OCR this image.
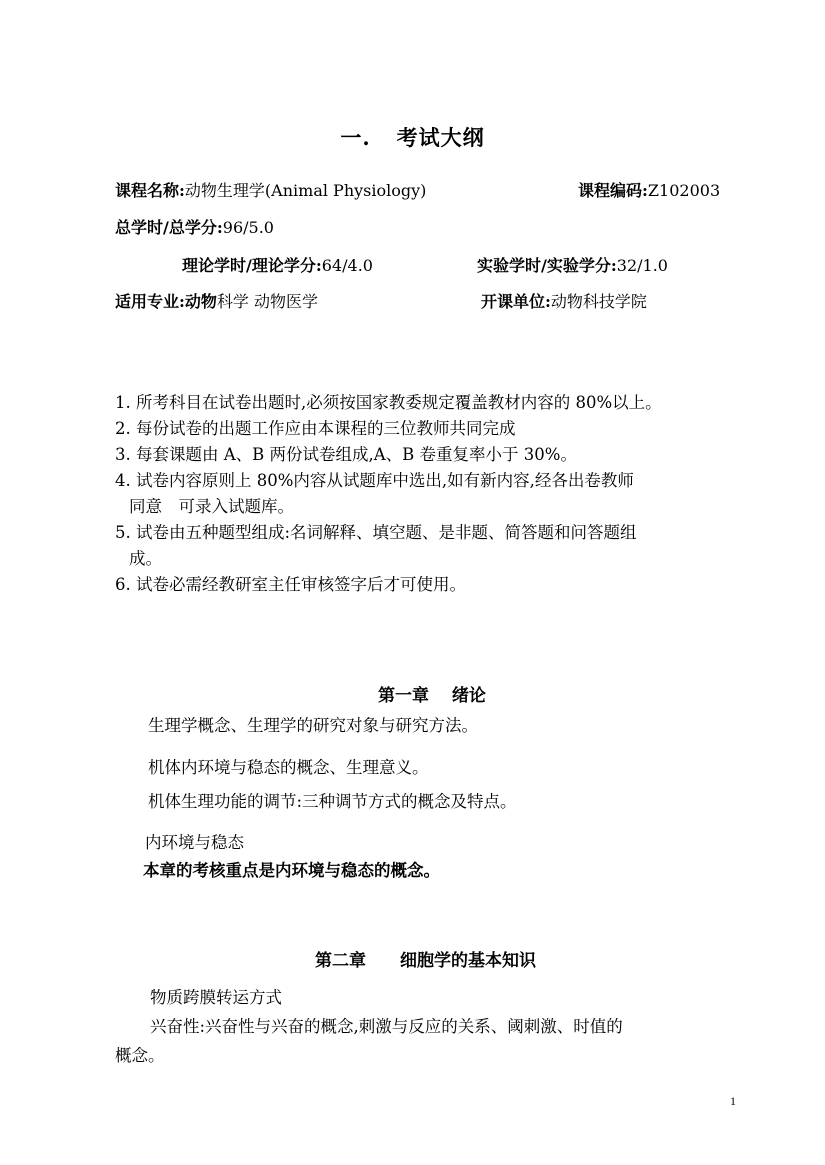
一. 考试大纲
课程名称:动物生理学(Animal Physiology)	课程编码:Z102003
总学时/总学分:96/5.0
理论学时/理论学分:64/4.0	实验学时/实验学分:32/1.0
适用专业:动物科学 动物医学	开课单位:动物科技学院
1. 所考科目在试卷出题时,必须按国家教委规定覆盖教材内容的 80%以上。
2. 每份试卷的出题工作应由本课程的三位教师共同完成
3. 每套课题由 A、B 两份试卷组成,A、B 卷重复率小于 30%。
4. 试卷内容原则上 80%内容从试题库中选出,如有新内容,经各出卷教师
同意　可录入试题库。
5. 试卷由五种题型组成:名词解释、填空题、是非题、简答题和问答题组
成。
6. 试卷必需经教研室主任审核签字后才可使用。
第一章　 绪论
生理学概念、生理学的研究对象与研究方法。
机体内环境与稳态的概念、生理意义。
机体生理功能的调节:三种调节方式的概念及特点。
内环境与稳态
本章的考核重点是内环境与稳态的概念。
第二章　　细胞学的基本知识
物质跨膜转运方式
兴奋性:兴奋性与兴奋的概念,刺激与反应的关系、阈刺激、时值的
概念。
1
